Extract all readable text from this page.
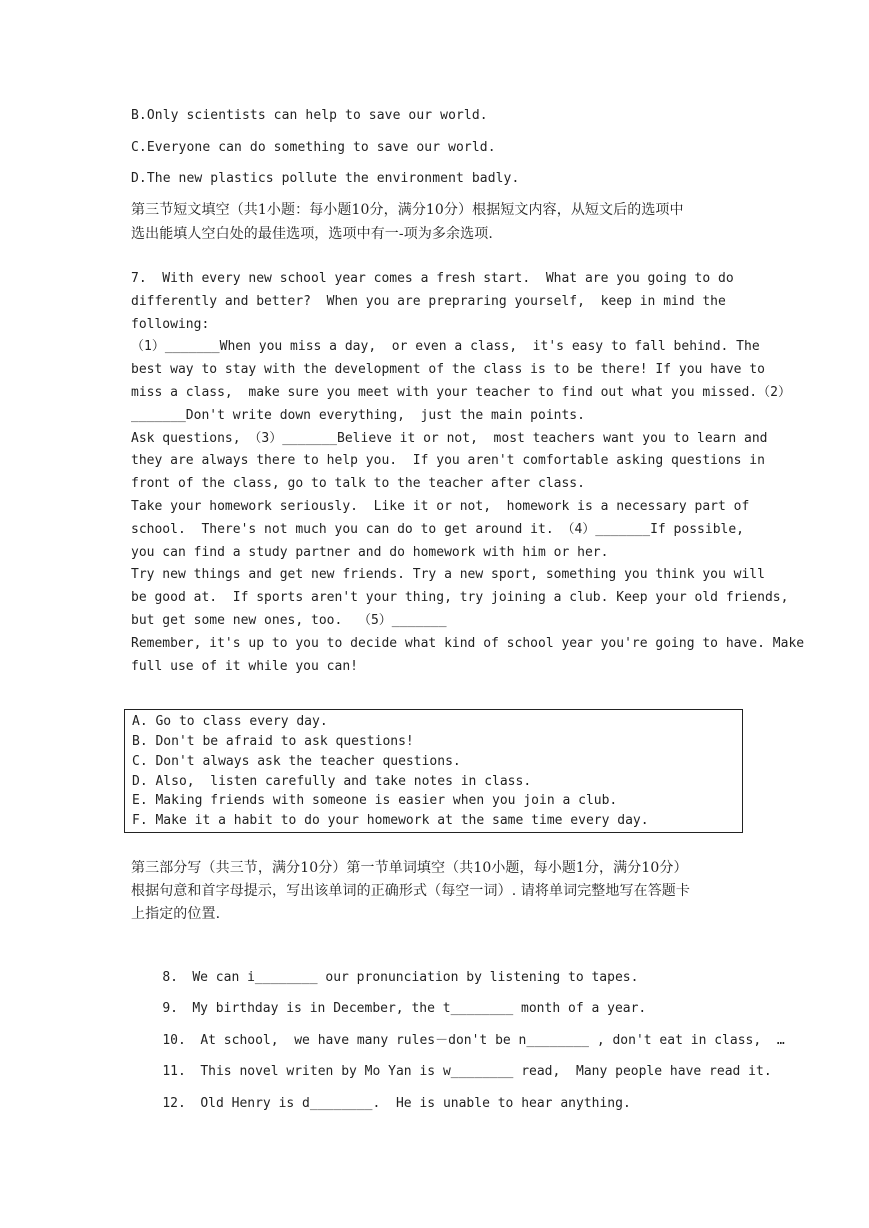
B.Only scientists can help to save our world.
C.Everyone can do something to save our world.
D.The new plastics pollute the environment badly.
第三节短文填空（共1小题：每小题10分，满分10分）根据短文内容，从短文后的选项中
选出能填人空白处的最佳选项，选项中有一-项为多余选项.
7.  With every new school year comes a fresh start.  What are you going to do
differently and better?  When you are prepraring yourself,  keep in mind the
following:
（1）_______When you miss a day,  or even a class,  it's easy to fall behind. The
best way to stay with the development of the class is to be there! If you have to
miss a class,  make sure you meet with your teacher to find out what you missed.（2）
_______Don't write down everything,  just the main points.
Ask questions, （3）_______Believe it or not,  most teachers want you to learn and
they are always there to help you.  If you aren't comfortable asking questions in
front of the class, go to talk to the teacher after class.
Take your homework seriously.  Like it or not,  homework is a necessary part of
school.  There's not much you can do to get around it. （4）_______If possible,
you can find a study partner and do homework with him or her.
Try new things and get new friends. Try a new sport, something you think you will
be good at.  If sports aren't your thing, try joining a club. Keep your old friends,
but get some new ones, too.  （5）_______
Remember, it's up to you to decide what kind of school year you're going to have. Make
full use of it while you can!
A. Go to class every day.
B. Don't be afraid to ask questions!
C. Don't always ask the teacher questions.
D. Also,  listen carefully and take notes in class.
E. Making friends with someone is easier when you join a club.
F. Make it a habit to do your homework at the same time every day.
第三部分写（共三节，满分10分）第一节单词填空（共10小题，每小题1分，满分10分）
根据句意和首字母提示，写出该单词的正确形式（每空一词）. 请将单词完整地写在答题卡
上指定的位置.

8. We can i________ our pronunciation by listening to tapes.

9. My birthday is in December, the t________ month of a year.

10. At school,  we have many rules－don't be n________ , don't eat in class,  …

11. This novel writen by Mo Yan is w________ read,  Many people have read it.

12. Old Henry is d________.  He is unable to hear anything.
